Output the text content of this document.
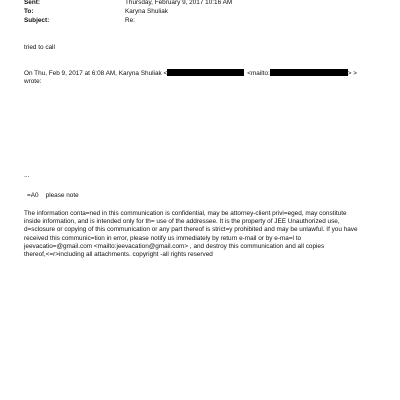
Sent:	Thursday, February 9, 2017 10:16 AM
To:	Karyna Shuliak
Subject:	Re:
tried to call
On Thu, Feb 9, 2017 at 6:08 AM, Karyna Shuliak <	<mailto:	> >
wrote:
...
=A0    please note
The information conta=ned in this communication is confidential, may be attorney-client privi=eged, may constitute
inside information, and is intended only for th= use of the addressee. It is the property of JEE Unauthorized use,
d=sclosure or copying of this communication or any part thereof is strict=y prohibited and may be unlawful. If you have
received this communic=tion in error, please notify us immediately by return e-mail or by e-ma=l to
jeevacatio=@gmail.com <mailto:jeevacation@gmail.com> , and destroy this communication and all copies
thereof,<=r>including all attachments. copyright -all rights reserved
